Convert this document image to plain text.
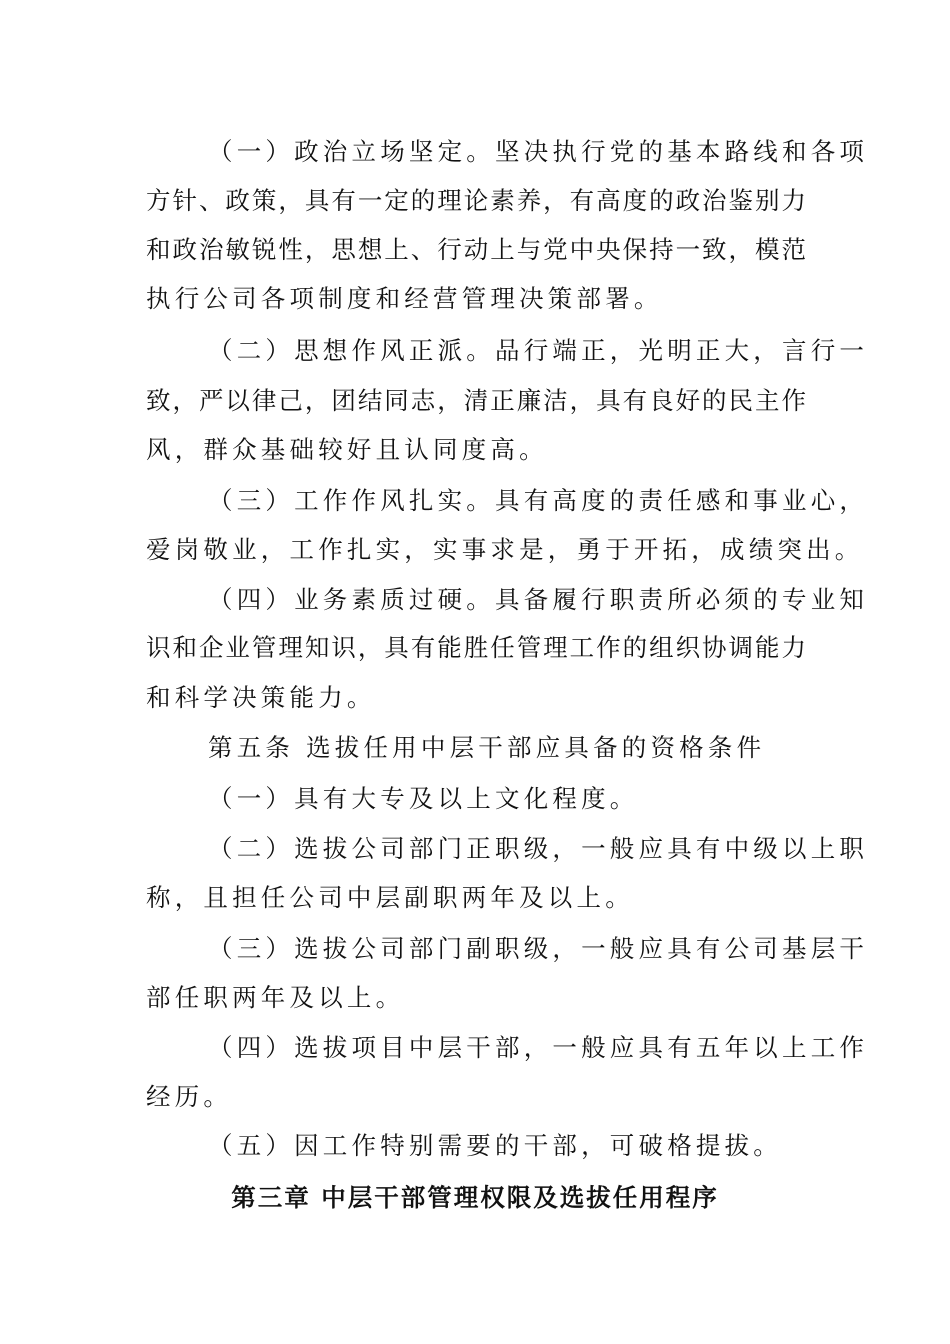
（一）政治立场坚定。坚决执行党的基本路线和各项
方针、政策，具有一定的理论素养，有高度的政治鉴别力
和政治敏锐性，思想上、行动上与党中央保持一致，模范
执行公司各项制度和经营管理决策部署。
（二）思想作风正派。品行端正，光明正大，言行一
致，严以律己，团结同志，清正廉洁，具有良好的民主作
风，群众基础较好且认同度高。
（三）工作作风扎实。具有高度的责任感和事业心，
爱岗敬业，工作扎实，实事求是，勇于开拓，成绩突出。
（四）业务素质过硬。具备履行职责所必须的专业知
识和企业管理知识，具有能胜任管理工作的组织协调能力
和科学决策能力。
第五条 选拔任用中层干部应具备的资格条件
（一）具有大专及以上文化程度。
（二）选拔公司部门正职级，一般应具有中级以上职
称，且担任公司中层副职两年及以上。
（三）选拔公司部门副职级，一般应具有公司基层干
部任职两年及以上。
（四）选拔项目中层干部，一般应具有五年以上工作
经历。
（五）因工作特别需要的干部，可破格提拔。
第三章 中层干部管理权限及选拔任用程序
